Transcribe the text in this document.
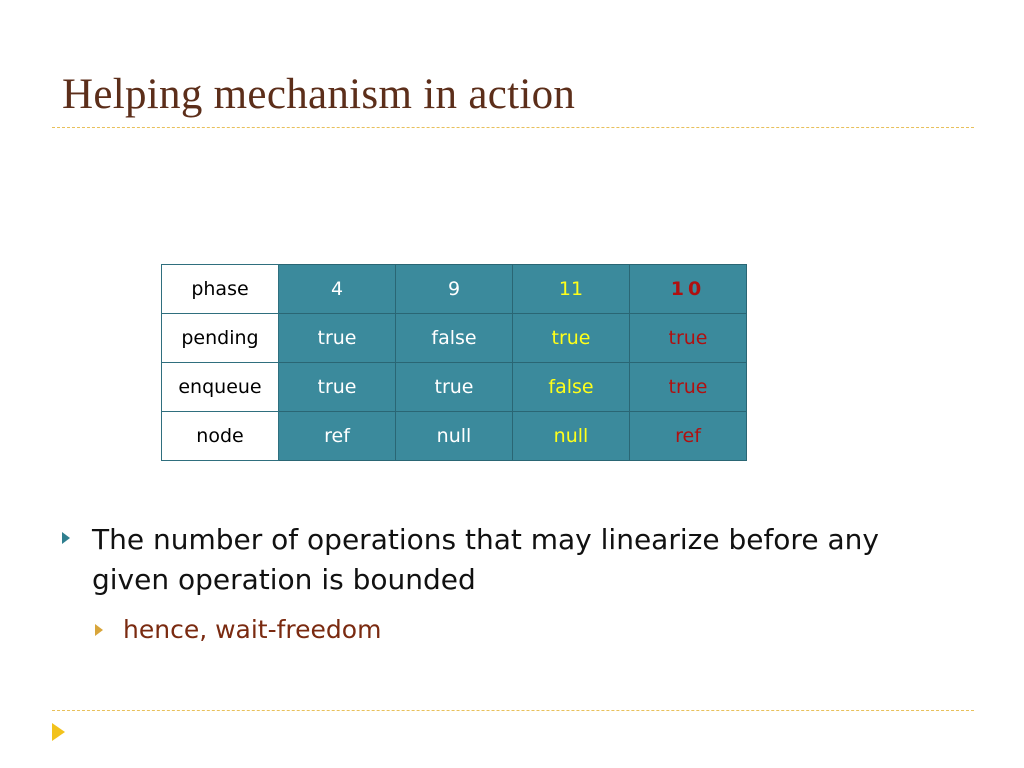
Helping mechanism in action
phase	4	9	11	10
pending	true	false	true	true
enqueue	true	true	false	true
node	ref	null	null	ref
The number of operations that may linearize before any given operation is bounded
hence, wait-freedom
